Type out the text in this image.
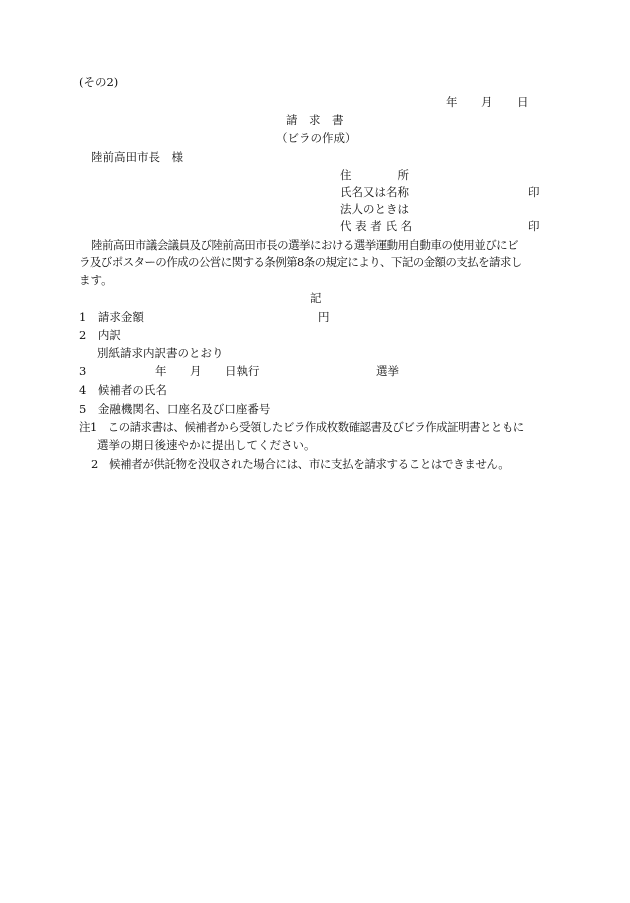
(その2)
年 月 日
請　求　書
（ビラの作成）
陸前高田市長　様
住　　　　所
氏名又は名称	印
法人のときは
代 表 者 氏 名	印
陸前高田市議会議員及び陸前高田市長の選挙における選挙運動用自動車の使用並びにビ
ラ及びポスターの作成の公営に関する条例第8条の規定により、下記の金額の支払を請求し
ます。
記
1　請求金額	円
2　内訳
別紙請求内訳書のとおり
3	年 月 日執行	選挙
4　候補者の氏名
5　金融機関名、口座名及び口座番号
注1　この請求書は、候補者から受領したビラ作成枚数確認書及びビラ作成証明書とともに
選挙の期日後速やかに提出してください。
2　候補者が供託物を没収された場合には、市に支払を請求することはできません。
